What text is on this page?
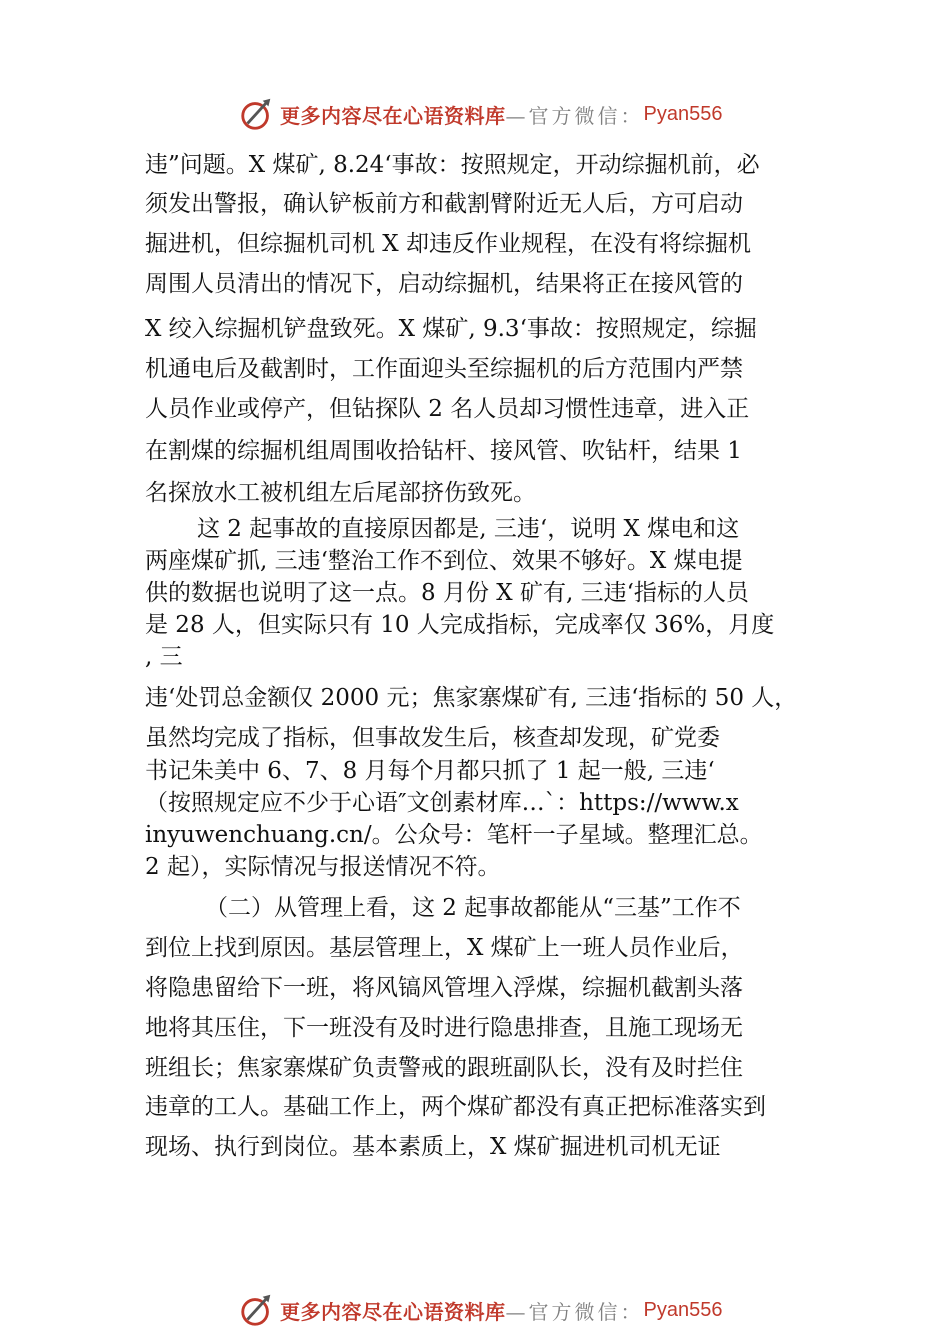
更多内容尽在心语资料库 —官方微信： Pyan556
违”问题。X 煤矿, 8.24‘事故：按照规定，开动综掘机前，必
须发出警报，确认铲板前方和截割臂附近无人后，方可启动
掘进机，但综掘机司机 X 却违反作业规程，在没有将综掘机
周围人员清出的情况下，启动综掘机，结果将正在接风管的
X 绞入综掘机铲盘致死。X 煤矿, 9.3‘事故：按照规定，综掘
机通电后及截割时，工作面迎头至综掘机的后方范围内严禁
人员作业或停产，但钻探队 2 名人员却习惯性违章，进入正
在割煤的综掘机组周围收拾钻杆、接风管、吹钻杆，结果 1
名探放水工被机组左后尾部挤伤致死。
这 2 起事故的直接原因都是, 三违‘，说明 X 煤电和这
两座煤矿抓, 三违‘整治工作不到位、效果不够好。X 煤电提
供的数据也说明了这一点。8 月份 X 矿有, 三违‘指标的人员
是 28 人，但实际只有 10 人完成指标，完成率仅 36%，月度
, 三
违‘处罚总金额仅 2000 元；焦家寨煤矿有, 三违‘指标的 50 人，
虽然均完成了指标，但事故发生后，核查却发现，矿党委
书记朱美中 6、7、8 月每个月都只抓了 1 起一般, 三违‘
（按照规定应不少于心语″文创素材库…`：https://www.x
inyuwenchuang.cn/。公众号：笔杆一子星域。整理汇总。
2 起），实际情况与报送情况不符。
（二）从管理上看，这 2 起事故都能从“三基”工作不
到位上找到原因。基层管理上，X 煤矿上一班人员作业后，
将隐患留给下一班，将风镐风管埋入浮煤，综掘机截割头落
地将其压住，下一班没有及时进行隐患排查，且施工现场无
班组长；焦家寨煤矿负责警戒的跟班副队长，没有及时拦住
违章的工人。基础工作上，两个煤矿都没有真正把标准落实到
现场、执行到岗位。基本素质上，X 煤矿掘进机司机无证
更多内容尽在心语资料库 —官方微信： Pyan556
